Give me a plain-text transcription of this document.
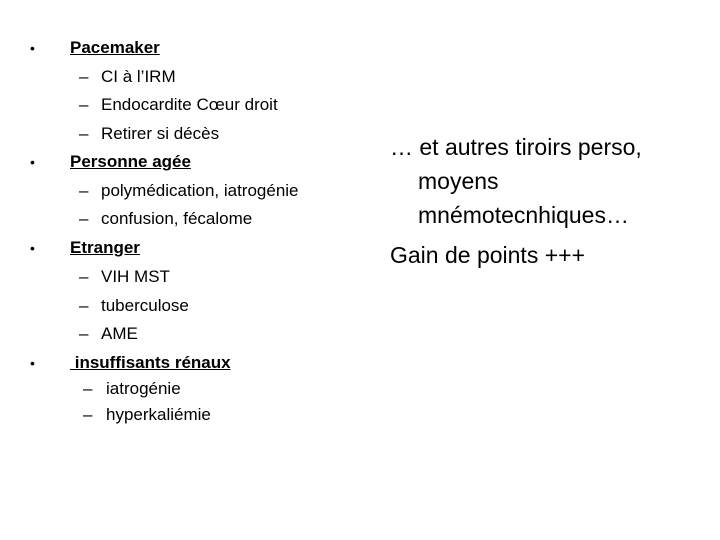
• Pacemaker
– CI à l’IRM
– Endocardite Cœur droit
– Retirer si décès
• Personne agée
– polymédication, iatrogénie
– confusion, fécalome
• Etranger
– VIH MST
– tuberculose
– AME
• insuffisants rénaux
– iatrogénie
– hyperkaliémie
… et autres tiroirs perso,
moyens
mnémotecnhiques…
Gain de points +++
